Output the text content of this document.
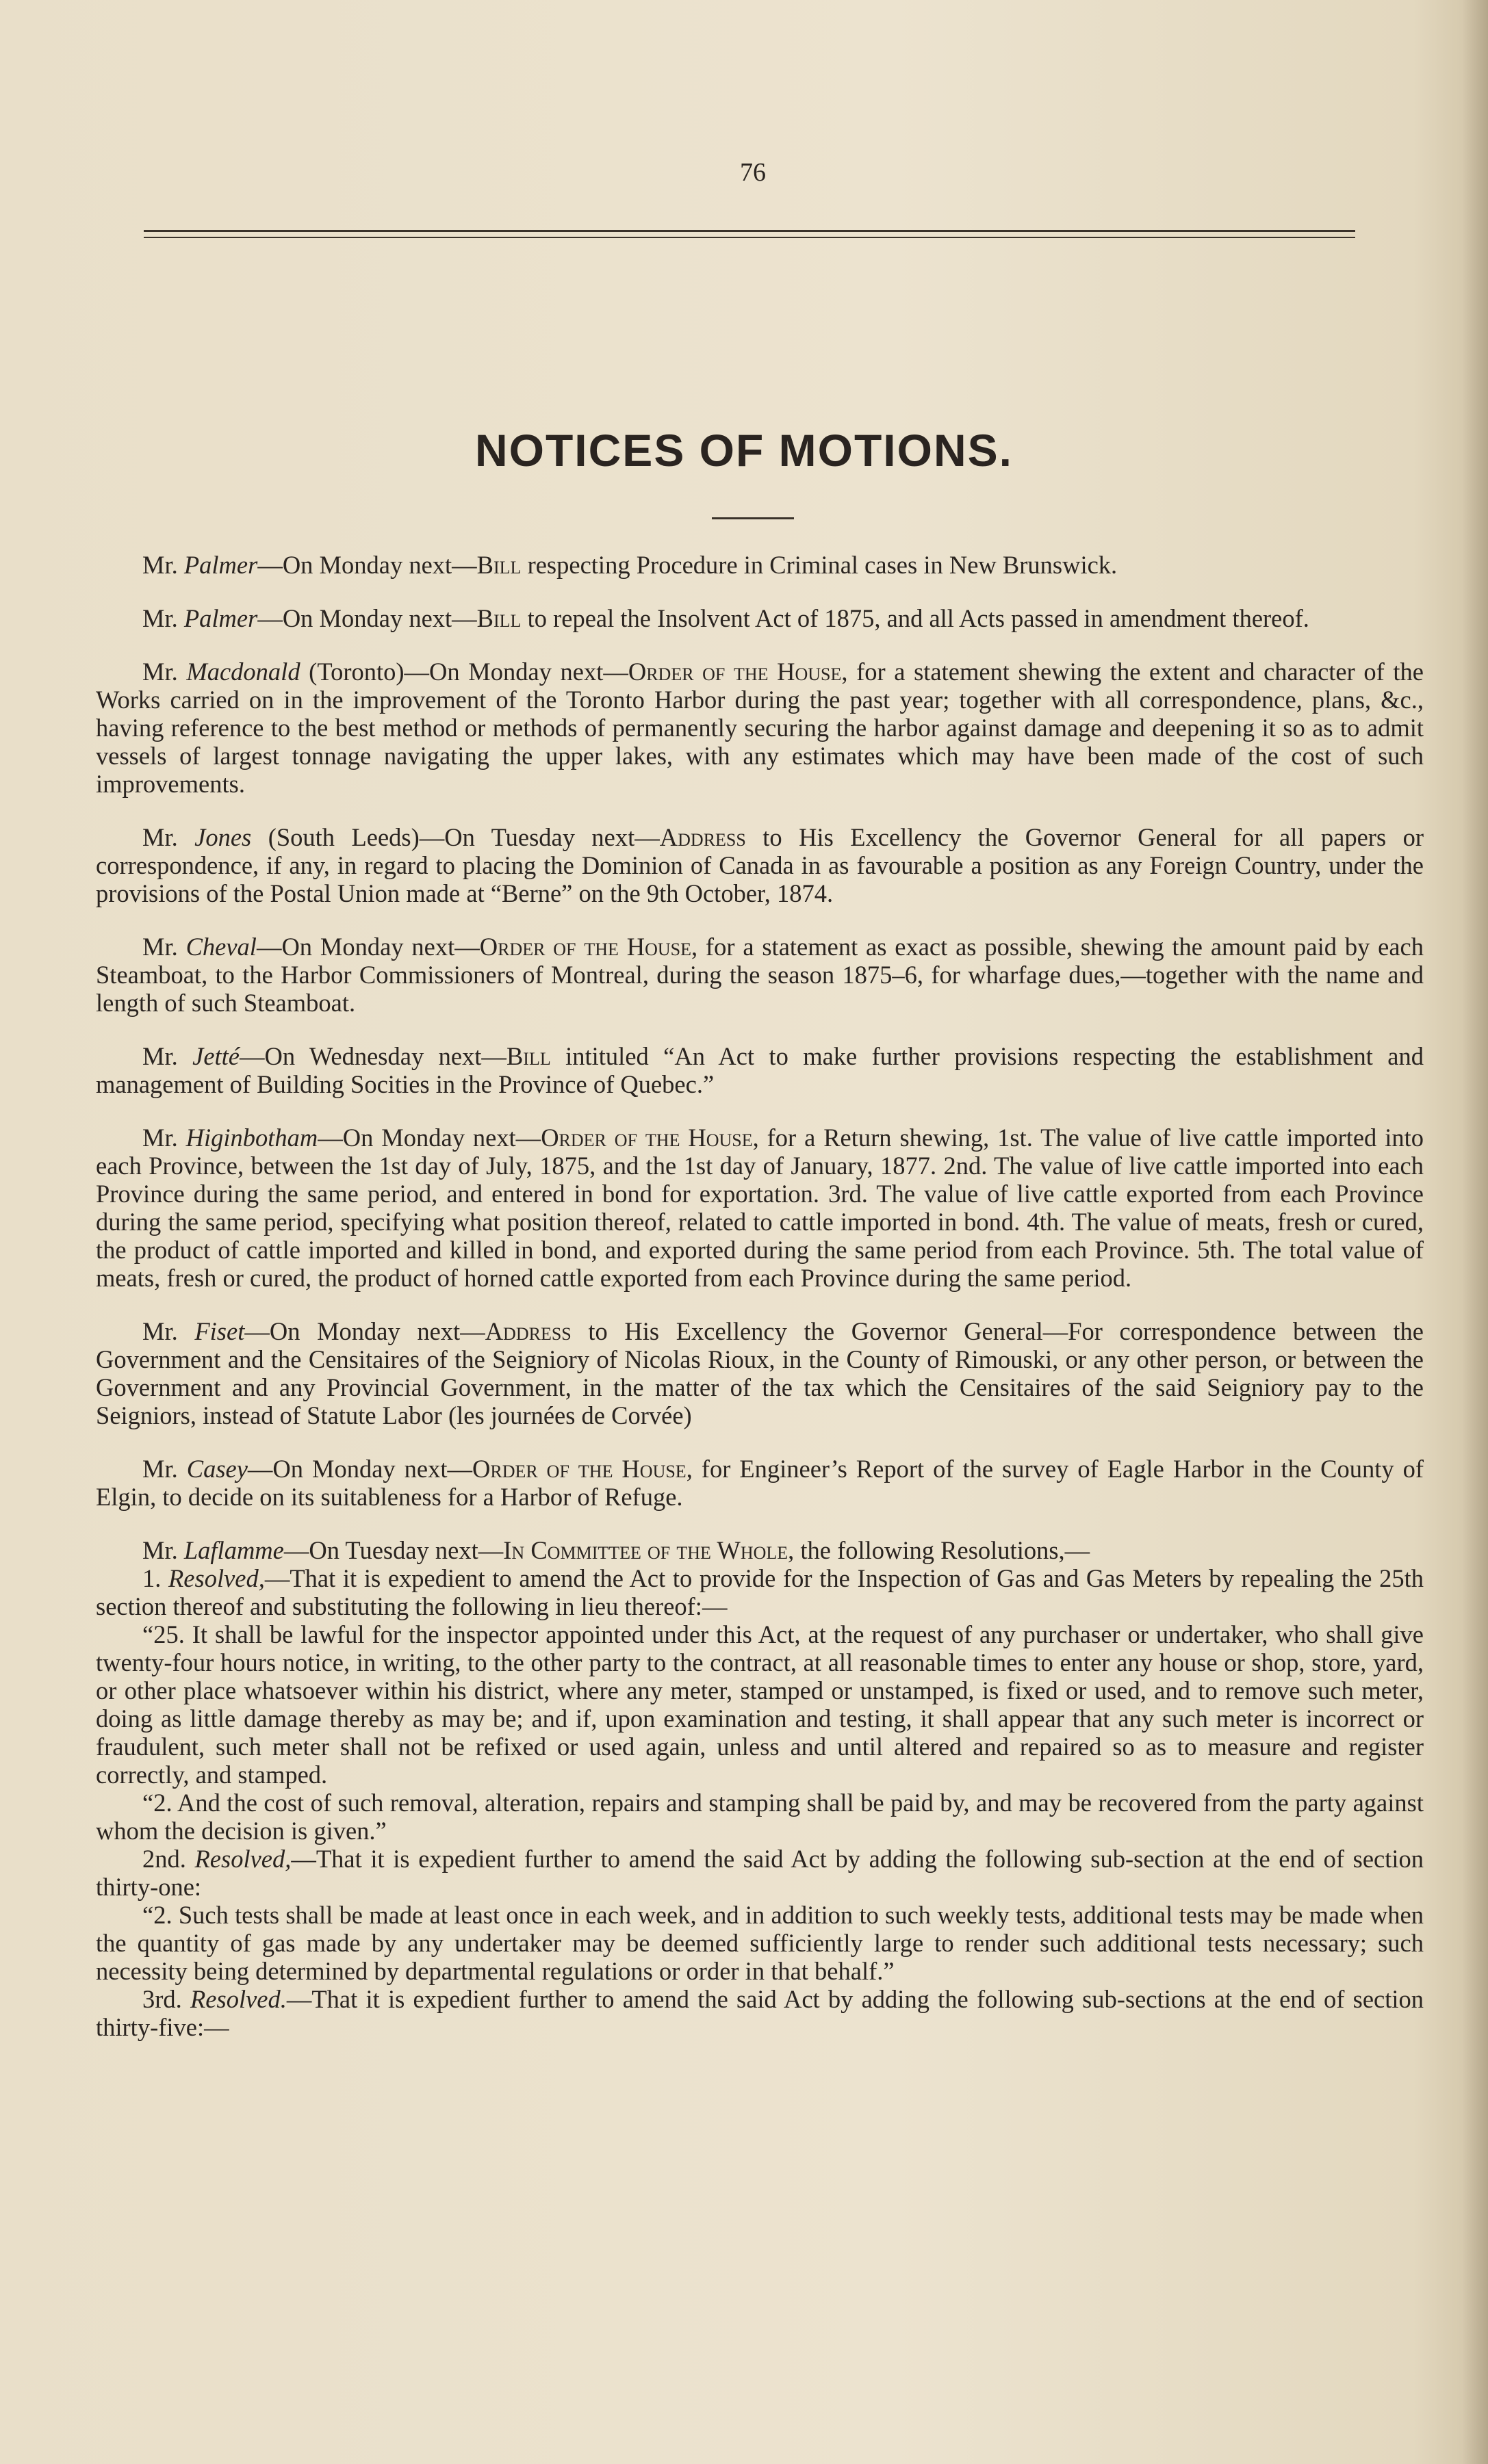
76
NOTICES OF MOTIONS.

Mr. Palmer—On Monday next—Bill respecting Procedure in Criminal cases in New Brunswick.

Mr. Palmer—On Monday next—Bill to repeal the Insolvent Act of 1875, and all Acts passed in amendment thereof.

Mr. Macdonald (Toronto)—On Monday next—Order of the House, for a statement shewing the extent and character of the Works carried on in the improvement of the Toronto Harbor during the past year; together with all correspondence, plans, &c., having reference to the best method or methods of permanently securing the harbor against damage and deepening it so as to admit vessels of largest tonnage navigating the upper lakes, with any estimates which may have been made of the cost of such improvements.

Mr. Jones (South Leeds)—On Tuesday next—Address to His Excellency the Governor General for all papers or correspondence, if any, in regard to placing the Dominion of Canada in as favourable a position as any Foreign Country, under the provisions of the Postal Union made at “Berne” on the 9th October, 1874.

Mr. Cheval—On Monday next—Order of the House, for a statement as exact as possible, shewing the amount paid by each Steamboat, to the Harbor Commissioners of Montreal, during the season 1875–6, for wharfage dues,—together with the name and length of such Steamboat.

Mr. Jetté—On Wednesday next—Bill intituled “An Act to make further provisions respecting the establishment and management of Building Socities in the Province of Quebec.”

Mr. Higinbotham—On Monday next—Order of the House, for a Return shewing, 1st. The value of live cattle imported into each Province, between the 1st day of July, 1875, and the 1st day of January, 1877. 2nd. The value of live cattle imported into each Province during the same period, and entered in bond for exportation. 3rd. The value of live cattle exported from each Province during the same period, specifying what position thereof, related to cattle imported in bond. 4th. The value of meats, fresh or cured, the product of cattle imported and killed in bond, and exported during the same period from each Province. 5th. The total value of meats, fresh or cured, the product of horned cattle exported from each Province during the same period.

Mr. Fiset—On Monday next—Address to His Excellency the Governor General—For correspondence between the Government and the Censitaires of the Seigniory of Nicolas Rioux, in the County of Rimouski, or any other person, or between the Government and any Provincial Government, in the matter of the tax which the Censitaires of the said Seigniory pay to the Seigniors, instead of Statute Labor (les journées de Corvée)

Mr. Casey—On Monday next—Order of the House, for Engineer’s Report of the survey of Eagle Harbor in the County of Elgin, to decide on its suitableness for a Harbor of Refuge.

Mr. Laflamme—On Tuesday next—In Committee of the Whole, the following Resolutions,—

1. Resolved,—That it is expedient to amend the Act to provide for the Inspection of Gas and Gas Meters by repealing the 25th section thereof and substituting the following in lieu thereof:—

“25. It shall be lawful for the inspector appointed under this Act, at the request of any purchaser or undertaker, who shall give twenty-four hours notice, in writing, to the other party to the contract, at all reasonable times to enter any house or shop, store, yard, or other place whatsoever within his district, where any meter, stamped or unstamped, is fixed or used, and to remove such meter, doing as little damage thereby as may be; and if, upon examination and testing, it shall appear that any such meter is incorrect or fraudulent, such meter shall not be refixed or used again, unless and until altered and repaired so as to measure and register correctly, and stamped.

“2. And the cost of such removal, alteration, repairs and stamping shall be paid by, and may be recovered from the party against whom the decision is given.”

2nd. Resolved,—That it is expedient further to amend the said Act by adding the following sub-section at the end of section thirty-one:

“2. Such tests shall be made at least once in each week, and in addition to such weekly tests, additional tests may be made when the quantity of gas made by any undertaker may be deemed sufficiently large to render such additional tests necessary; such necessity being determined by departmental regulations or order in that behalf.”

3rd. Resolved.—That it is expedient further to amend the said Act by adding the following sub-sections at the end of section thirty-five:—
